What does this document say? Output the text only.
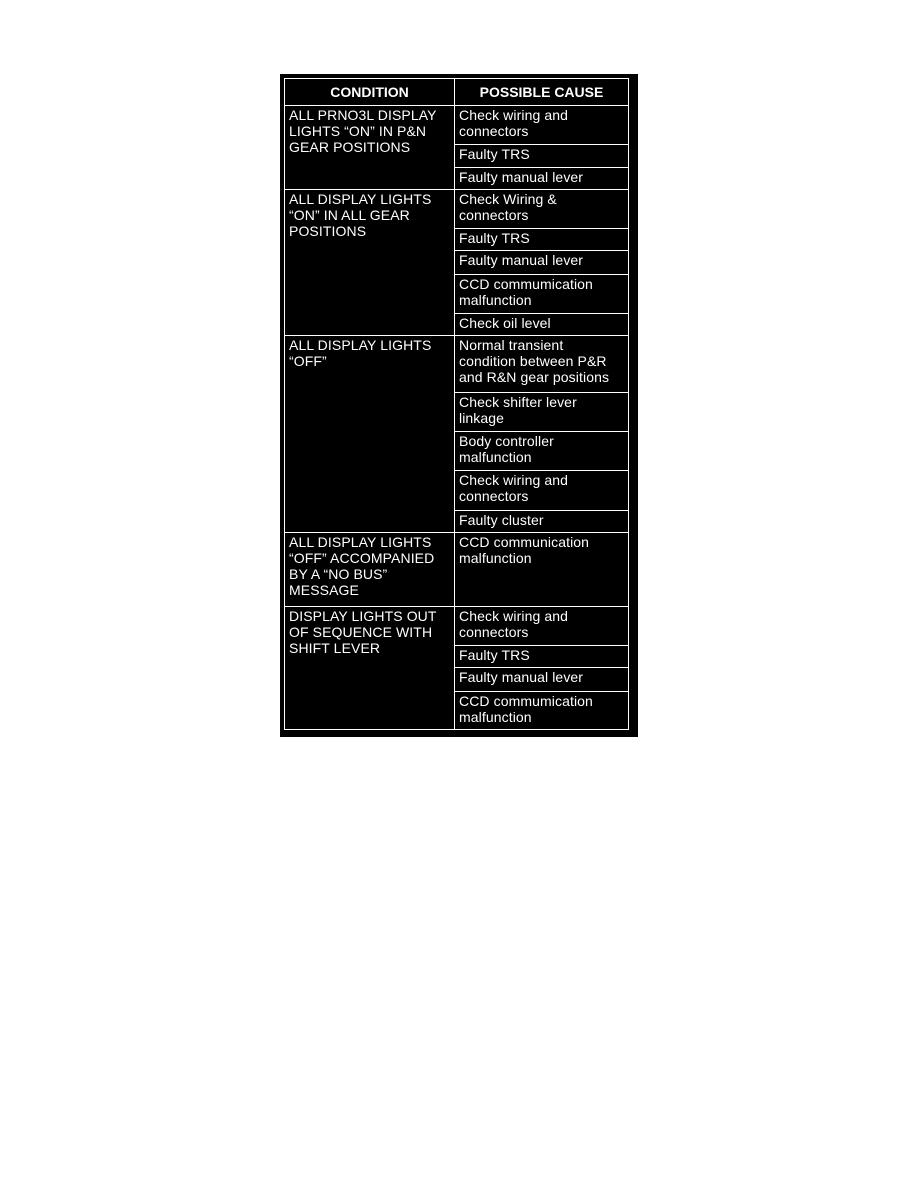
CONDITION	POSSIBLE CAUSE
ALL PRNO3L DISPLAY LIGHTS “ON” IN P&N GEAR POSITIONS	Check wiring and connectors
	Faulty TRS
	Faulty manual lever
ALL DISPLAY LIGHTS “ON” IN ALL GEAR POSITIONS	Check Wiring & connectors
	Faulty TRS
	Faulty manual lever
	CCD commumication malfunction
	Check oil level
ALL DISPLAY LIGHTS “OFF”	Normal transient condition between P&R and R&N gear positions
	Check shifter lever linkage
	Body controller malfunction
	Check wiring and connectors
	Faulty cluster
ALL DISPLAY LIGHTS “OFF” ACCOMPANIED BY A “NO BUS” MESSAGE	CCD communication malfunction
DISPLAY LIGHTS OUT OF SEQUENCE WITH SHIFT LEVER	Check wiring and connectors
	Faulty TRS
	Faulty manual lever
	CCD commumication malfunction
